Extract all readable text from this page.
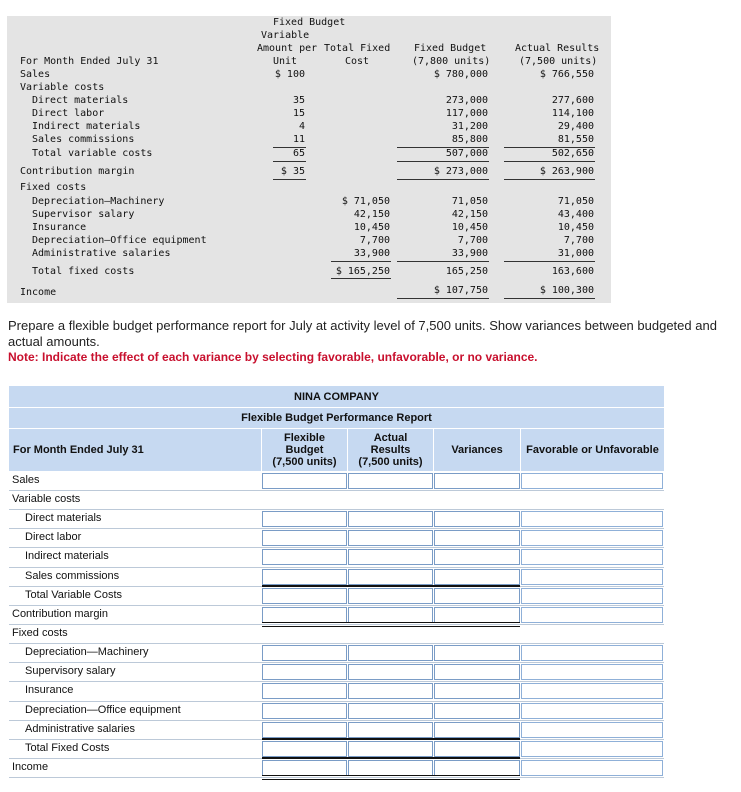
Fixed Budget
Variable
Amount per
Unit
Total Fixed
Cost
Fixed Budget
(7,800 units)
Actual Results
(7,500 units)
For Month Ended July 31
Sales
Variable costs
Direct materials
Direct labor
Indirect materials
Sales commissions
Total variable costs
Contribution margin
Fixed costs
Depreciation—Machinery
Supervisor salary
Insurance
Depreciation—Office equipment
Administrative salaries
Total fixed costs
Income
$ 100
35
15
4
11
65
$ 35
$ 71,050
42,150
10,450
7,700
33,900
$ 165,250
$ 780,000
273,000
117,000
31,200
85,800
507,000
$ 273,000
71,050
42,150
10,450
7,700
33,900
165,250
$ 107,750
$ 766,550
277,600
114,100
29,400
81,550
502,650
$ 263,900
71,050
43,400
10,450
7,700
31,000
163,600
$ 100,300
Prepare a flexible budget performance report for July at activity level of 7,500 units. Show variances between budgeted and actual amounts.
Note: Indicate the effect of each variance by selecting favorable, unfavorable, or no variance.
NINA COMPANY
Flexible Budget Performance Report
For Month Ended July 31
Flexible
Budget
(7,500 units)
Actual
Results
(7,500 units)
Variances	Favorable or Unfavorable
Sales
Variable costs
Direct materials
Direct labor
Indirect materials
Sales commissions
Total Variable Costs
Contribution margin
Fixed costs
Depreciation—Machinery
Supervisory salary
Insurance
Depreciation—Office equipment
Administrative salaries
Total Fixed Costs
Income
